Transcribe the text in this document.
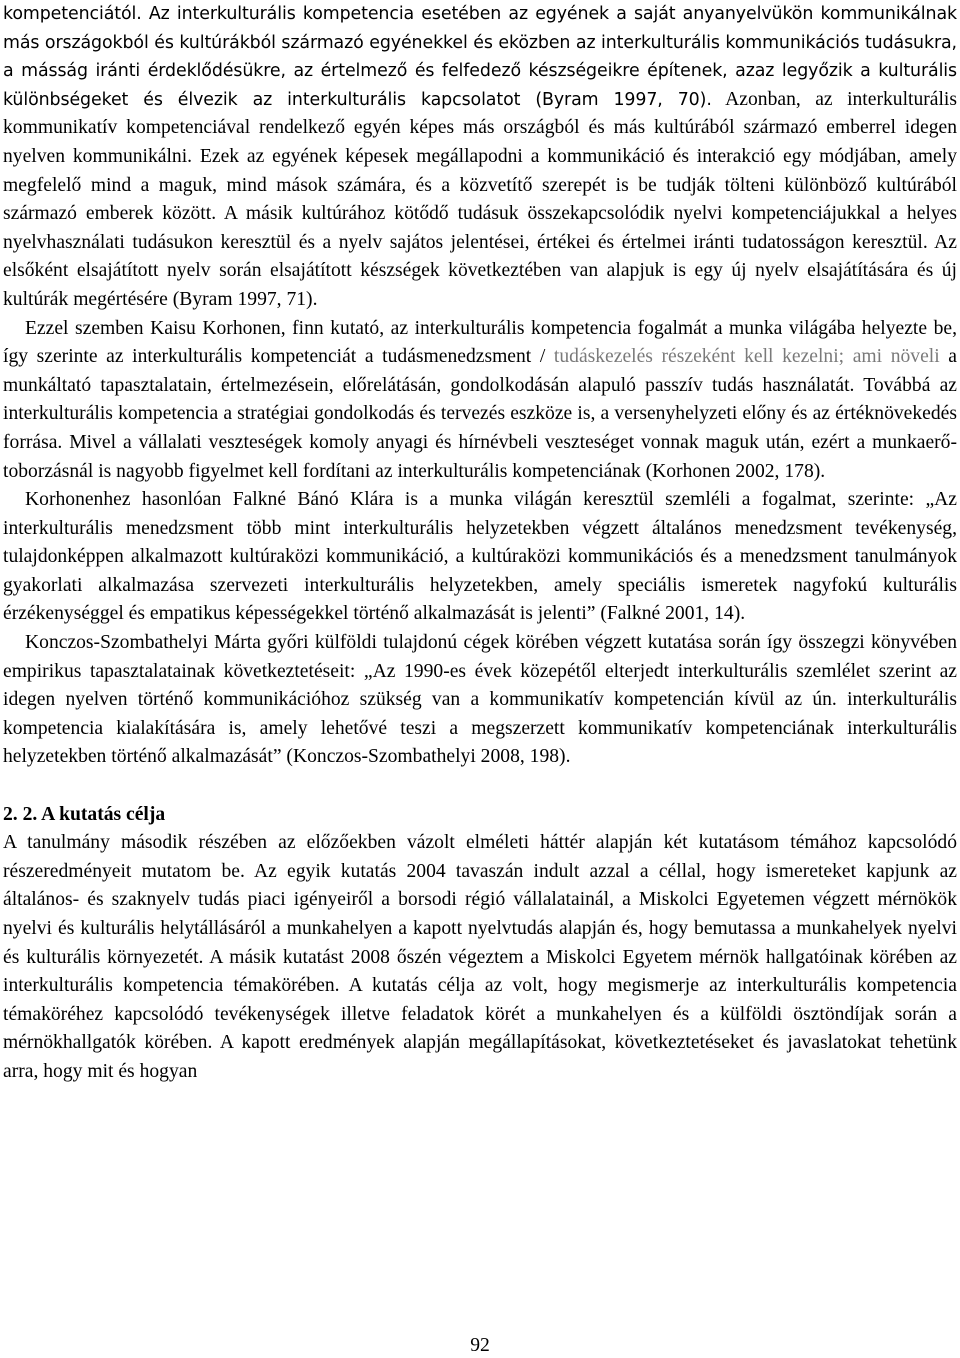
kompetenciától. Az interkulturális kompetencia esetében az egyének a saját anyanyelvükön kommunikálnak más országokból és kultúrákból származó egyénekkel és eközben az interkulturális kommunikációs tudásukra, a másság iránti érdeklődésükre, az értelmező és felfedező készségeikre építenek, azaz legyőzik a kulturális különbségeket és élvezik az interkulturális kapcsolatot (Byram 1997, 70). Azonban, az interkulturális kommunikatív kompetenciával rendelkező egyén képes más országból és más kultúrából származó emberrel idegen nyelven kommunikálni. Ezek az egyének képesek megállapodni a kommunikáció és interakció egy módjában, amely megfelelő mind a maguk, mind mások számára, és a közvetítő szerepét is be tudják tölteni különböző kultúrából származó emberek között. A másik kultúrához kötődő tudásuk összekapcsolódik nyelvi kompetenciájukkal a helyes nyelvhasználati tudásukon keresztül és a nyelv sajátos jelentései, értékei és értelmei iránti tudatosságon keresztül. Az elsőként elsajátított nyelv során elsajátított készségek következtében van alapjuk is egy új nyelv elsajátítására és új kultúrák megértésére (Byram 1997, 71).

Ezzel szemben Kaisu Korhonen, finn kutató, az interkulturális kompetencia fogalmát a munka világába helyezte be, így szerinte az interkulturális kompetenciát a tudásmenedzsment / tudáskezelés részeként kell kezelni; ami növeli a munkáltató tapasztalatain, értelmezésein, előrelátásán, gondolkodásán alapuló passzív tudás használatát. Továbbá az interkulturális kompetencia a stratégiai gondolkodás és tervezés eszköze is, a versenyhelyzeti előny és az értéknövekedés forrása. Mivel a vállalati veszteségek komoly anyagi és hírnévbeli veszteséget vonnak maguk után, ezért a munkaerő-toborzásnál is nagyobb figyelmet kell fordítani az interkulturális kompetenciának (Korhonen 2002, 178).

Korhonenhez hasonlóan Falkné Bánó Klára is a munka világán keresztül szemléli a fogalmat, szerinte: „Az interkulturális menedzsment több mint interkulturális helyzetekben végzett általános menedzsment tevékenység, tulajdonképpen alkalmazott kultúraközi kommunikáció, a kultúraközi kommunikációs és a menedzsment tanulmányok gyakorlati alkalmazása szervezeti interkulturális helyzetekben, amely speciális ismeretek nagyfokú kulturális érzékenységgel és empatikus képességekkel történő alkalmazását is jelenti” (Falkné 2001, 14).

Konczos-Szombathelyi Márta győri külföldi tulajdonú cégek körében végzett kutatása során így összegzi könyvében empirikus tapasztalatainak következtetéseit: „Az 1990-es évek közepétől elterjedt interkulturális szemlélet szerint az idegen nyelven történő kommunikációhoz szükség van a kommunikatív kompetencián kívül az ún. interkulturális kompetencia kialakítására is, amely lehetővé teszi a megszerzett kommunikatív kompetenciának interkulturális helyzetekben történő alkalmazását” (Konczos-Szombathelyi 2008, 198).

2. 2. A kutatás célja

A tanulmány második részében az előzőekben vázolt elméleti háttér alapján két kutatásom témához kapcsolódó részeredményeit mutatom be. Az egyik kutatás 2004 tavaszán indult azzal a céllal, hogy ismereteket kapjunk az általános- és szaknyelv tudás piaci igényeiről a borsodi régió vállalatainál, a Miskolci Egyetemen végzett mérnökök nyelvi és kulturális helytállásáról a munkahelyen a kapott nyelvtudás alapján és, hogy bemutassa a munkahelyek nyelvi és kulturális környezetét. A másik kutatást 2008 őszén végeztem a Miskolci Egyetem mérnök hallgatóinak körében az interkulturális kompetencia témakörében. A kutatás célja az volt, hogy megismerje az interkulturális kompetencia témaköréhez kapcsolódó tevékenységek illetve feladatok körét a munkahelyen és a külföldi ösztöndíjak során a mérnökhallgatók körében. A kapott eredmények alapján megállapításokat, következtetéseket és javaslatokat tehetünk arra, hogy mit és hogyan

92
